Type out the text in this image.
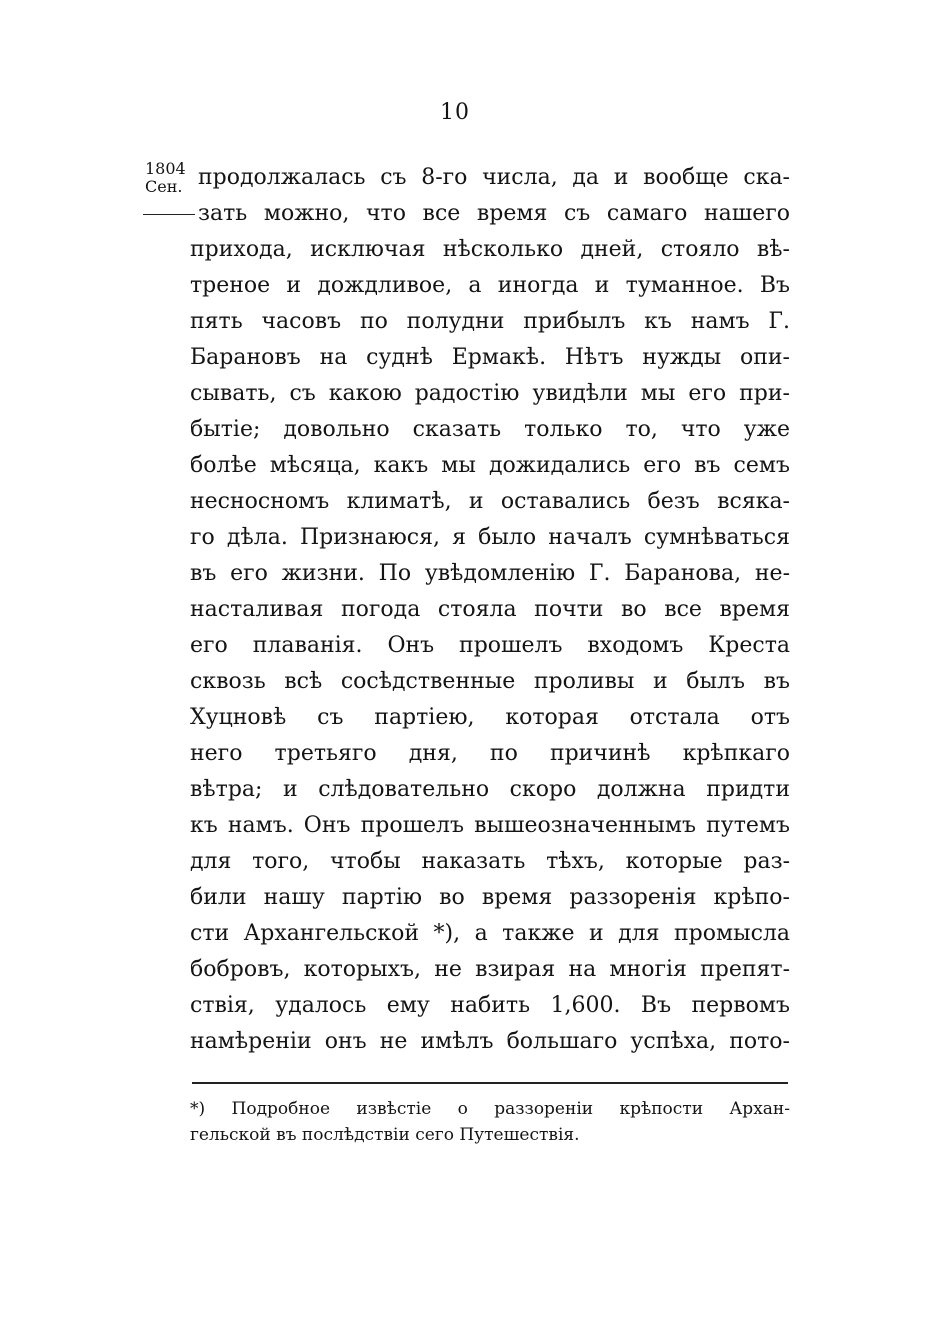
10
1804
Сен. продолжалась съ 8-го числа, да и вообще ска-
зать можно, что все время съ самаго нашего
прихода, исключая нѣсколько дней, стояло вѣ-
треное и дождливое, а иногда и туманное. Въ
пять часовъ по полудни прибылъ къ намъ Г.
Барановъ на суднѣ Ермакѣ. Нѣтъ нужды опи-
сывать, съ какою радостію увидѣли мы его при-
бытіе; довольно сказать только то, что уже
болѣе мѣсяца, какъ мы дожидались его въ семъ
несносномъ климатѣ, и оставались безъ всяка-
го дѣла. Признаюся, я было началъ сумнѣваться
въ его жизни. По увѣдомленію Г. Баранова, не-
насталивая погода стояла почти во все время
его плаванія. Онъ прошелъ входомъ Креста
сквозь всѣ сосѣдственные проливы и былъ въ
Хуцновѣ съ партіею, которая отстала отъ
него третьяго дня, по причинѣ крѣпкаго
вѣтра; и слѣдовательно скоро должна придти
къ намъ. Онъ прошелъ вышеозначеннымъ путемъ
для того, чтобы наказать тѣхъ, которые раз-
били нашу партію во время раззоренія крѣпо-
сти Архангельской *), а также и для промысла
бобровъ, которыхъ, не взирая на многія препят-
ствія, удалось ему набить 1,600. Въ первомъ
намѣреніи онъ не имѣлъ большаго успѣха, пото-
*) Подробное извѣстіе о раззореніи крѣпости Архан-
гельской въ послѣдствіи сего Путешествія.
